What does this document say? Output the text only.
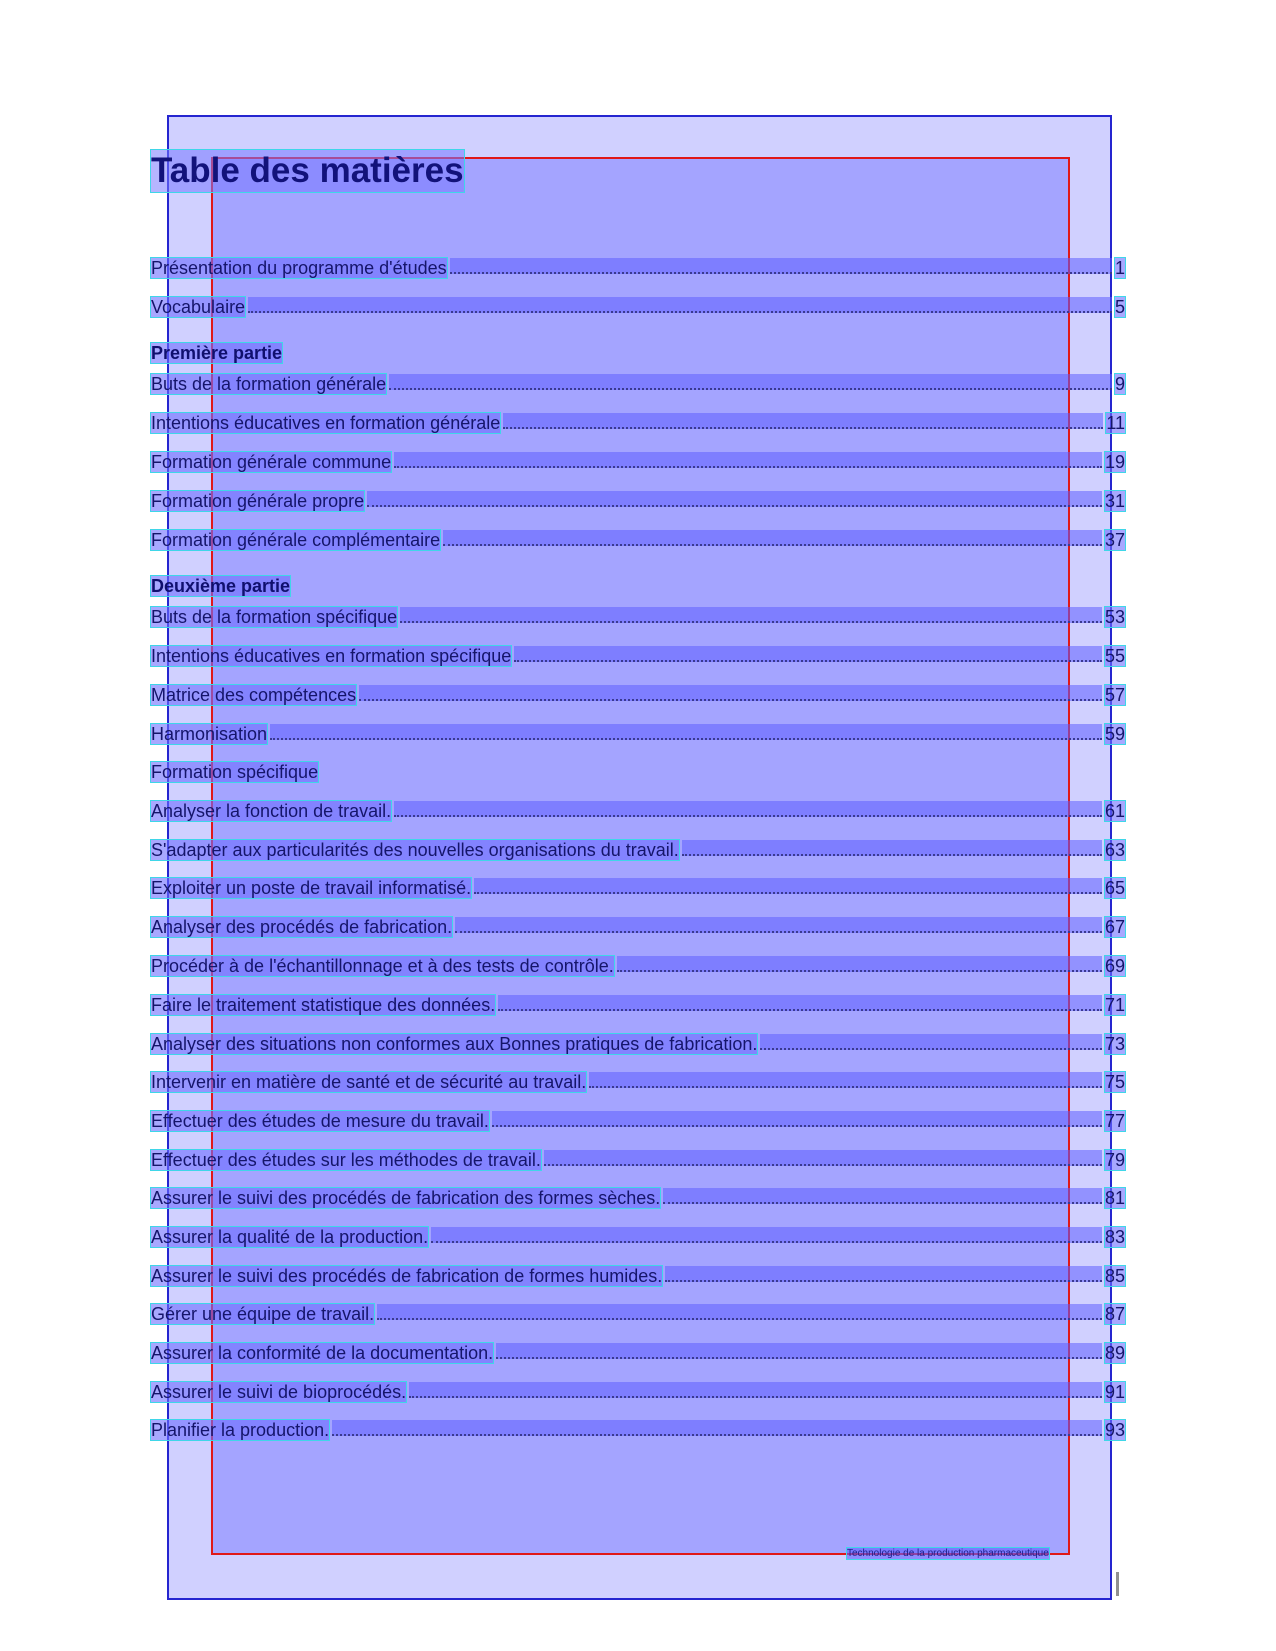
Table des matières
Présentation du programme d'études	1
Vocabulaire	5
Première partie
Buts de la formation générale	9
Intentions éducatives en formation générale	11
Formation générale commune	19
Formation générale propre	31
Formation générale complémentaire	37
Deuxième partie
Buts de la formation spécifique	53
Intentions éducatives en formation spécifique	55
Matrice des compétences	57
Harmonisation	59
Formation spécifique
Analyser la fonction de travail.	61
S'adapter aux particularités des nouvelles organisations du travail.	63
Exploiter un poste de travail informatisé.	65
Analyser des procédés de fabrication.	67
Procéder à de l'échantillonnage et à des tests de contrôle.	69
Faire le traitement statistique des données.	71
Analyser des situations non conformes aux Bonnes pratiques de fabrication.	73
Intervenir en matière de santé et de sécurité au travail.	75
Effectuer des études de mesure du travail.	77
Effectuer des études sur les méthodes de travail.	79
Assurer le suivi des procédés de fabrication des formes sèches.	81
Assurer la qualité de la production.	83
Assurer le suivi des procédés de fabrication de formes humides.	85
Gérer une équipe de travail.	87
Assurer la conformité de la documentation.	89
Assurer le suivi de bioprocédés.	91
Planifier la production.	93
Technologie de la production pharmaceutique
